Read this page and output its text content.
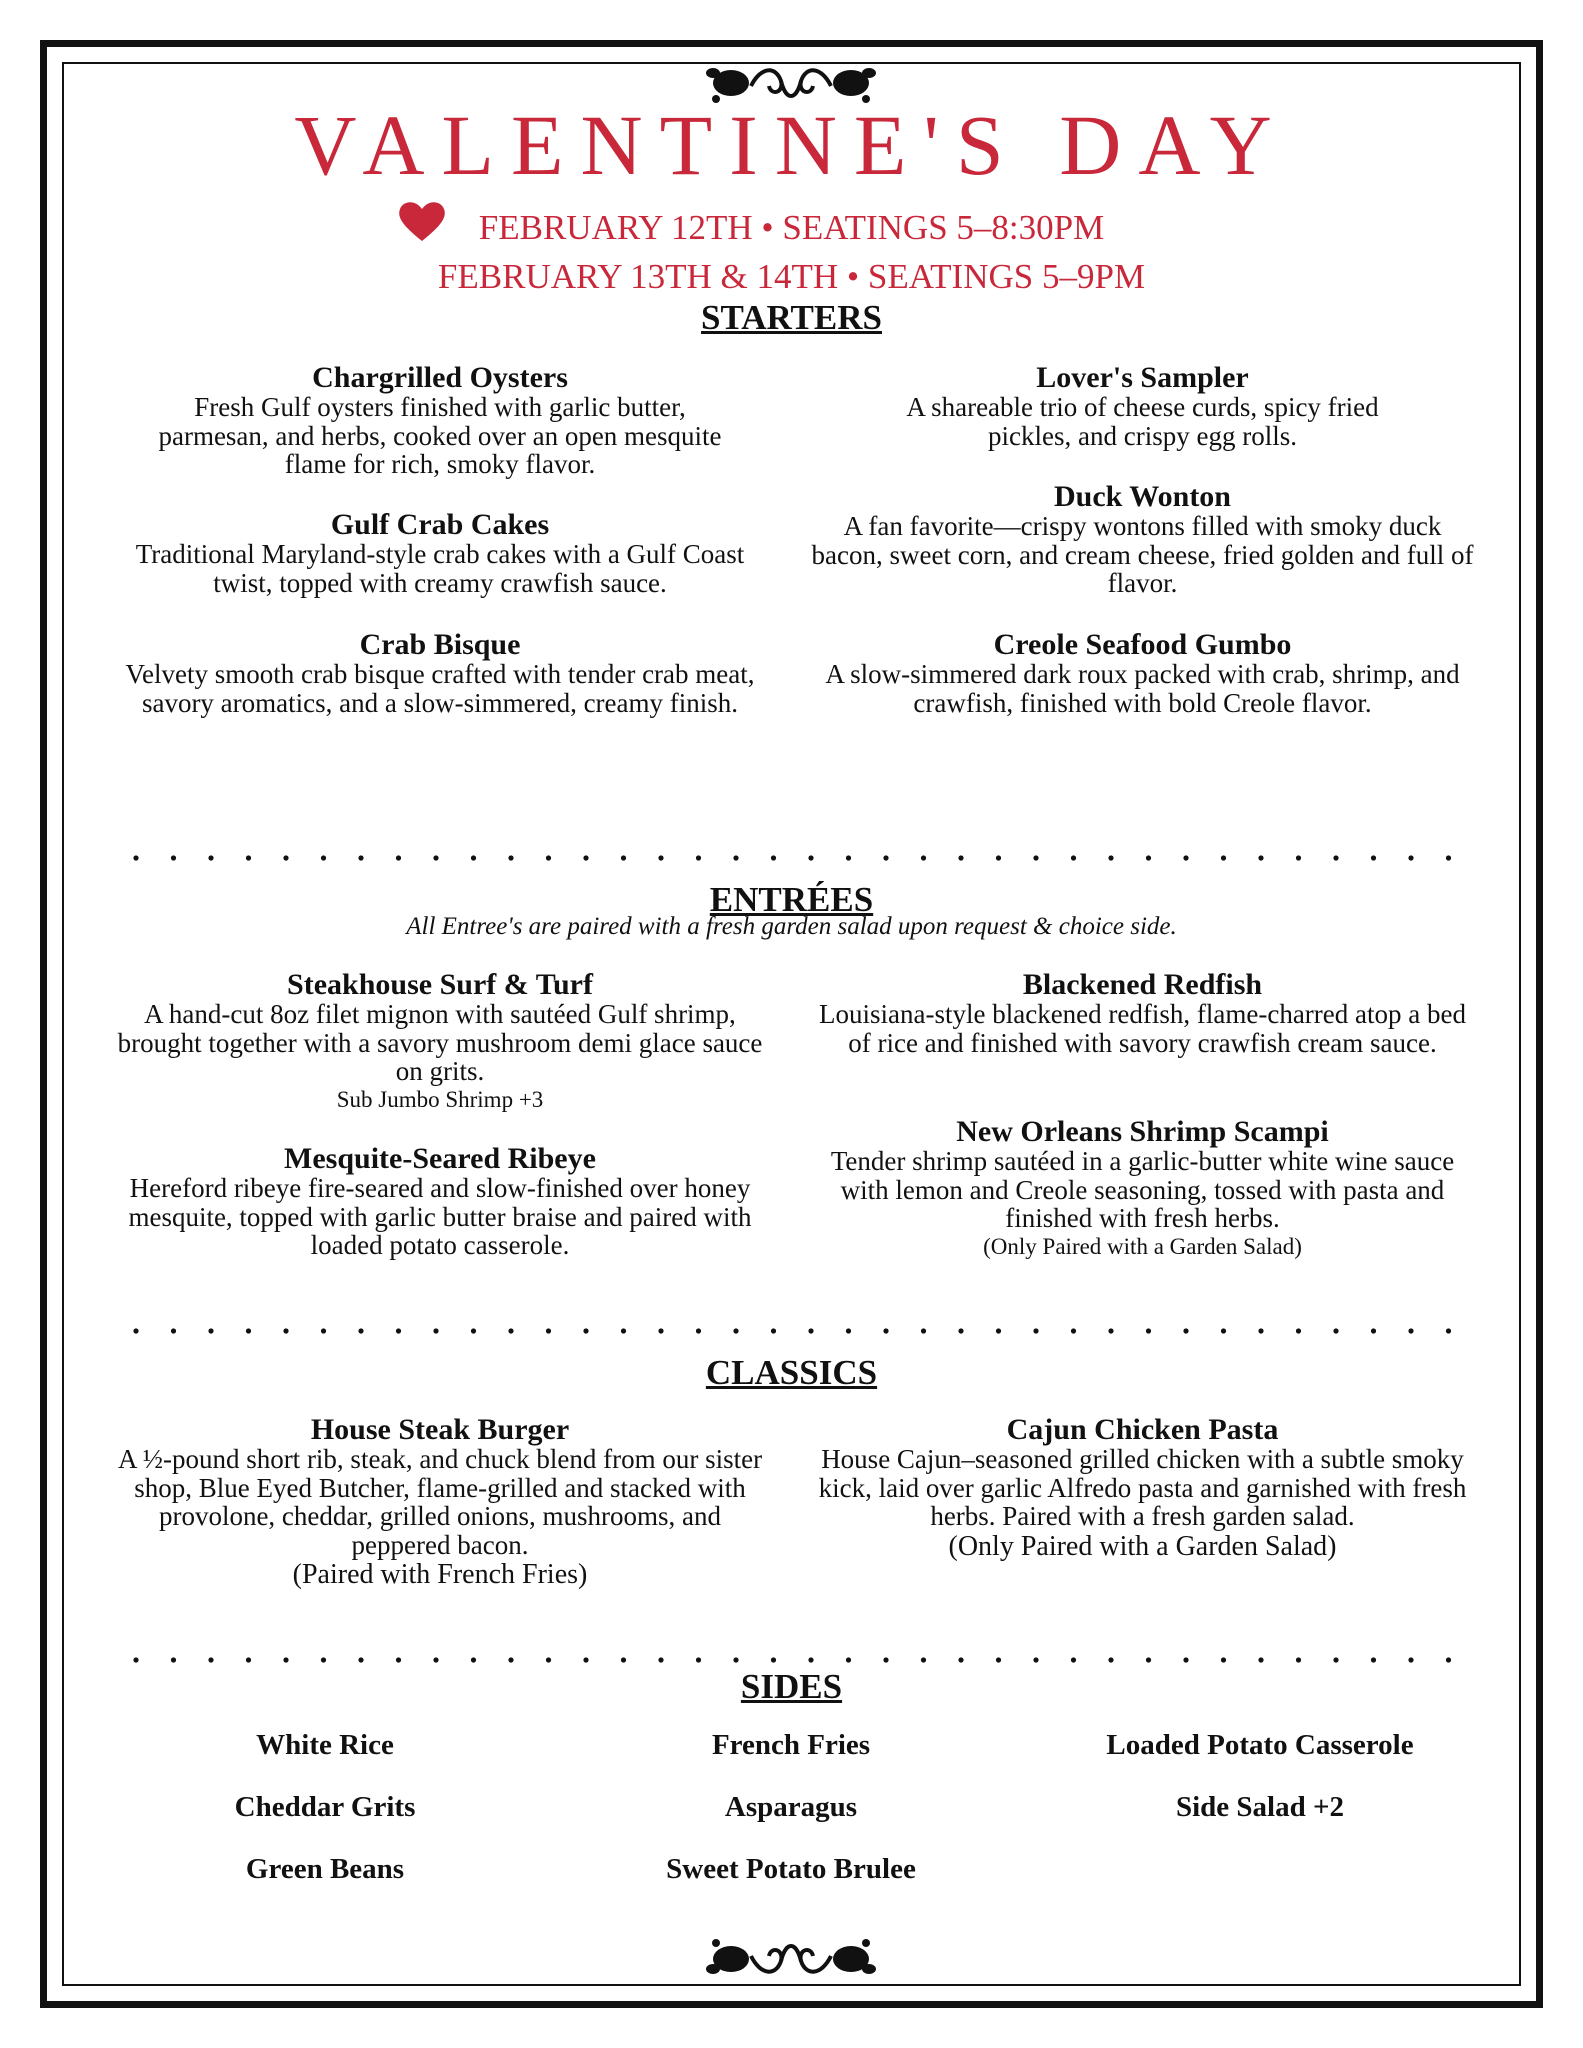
VALENTINE'S DAY
FEBRUARY 12TH • SEATINGS 5–8:30PM
FEBRUARY 13TH & 14TH • SEATINGS 5–9PM
STARTERS
Chargrilled Oysters
Fresh Gulf oysters finished with garlic butter, parmesan, and herbs, cooked over an open mesquite flame for rich, smoky flavor.
Gulf Crab Cakes
Traditional Maryland-style crab cakes with a Gulf Coast twist, topped with creamy crawfish sauce.
Crab Bisque
Velvety smooth crab bisque crafted with tender crab meat, savory aromatics, and a slow-simmered, creamy finish.
Lover's Sampler
A shareable trio of cheese curds, spicy fried pickles, and crispy egg rolls.
Duck Wonton
A fan favorite—crispy wontons filled with smoky duck bacon, sweet corn, and cream cheese, fried golden and full of flavor.
Creole Seafood Gumbo
A slow-simmered dark roux packed with crab, shrimp, and crawfish, finished with bold Creole flavor.
ENTRÉES
All Entree's are paired with a fresh garden salad upon request & choice side.
Steakhouse Surf & Turf
A hand-cut 8oz filet mignon with sautéed Gulf shrimp, brought together with a savory mushroom demi glace sauce on grits.
Sub Jumbo Shrimp +3
Mesquite-Seared Ribeye
Hereford ribeye fire-seared and slow-finished over honey mesquite, topped with garlic butter braise and paired with loaded potato casserole.
Blackened Redfish
Louisiana-style blackened redfish, flame-charred atop a bed of rice and finished with savory crawfish cream sauce.
New Orleans Shrimp Scampi
Tender shrimp sautéed in a garlic-butter white wine sauce with lemon and Creole seasoning, tossed with pasta and finished with fresh herbs.
(Only Paired with a Garden Salad)
CLASSICS
House Steak Burger
A ½-pound short rib, steak, and chuck blend from our sister shop, Blue Eyed Butcher, flame-grilled and stacked with provolone, cheddar, grilled onions, mushrooms, and peppered bacon.
(Paired with French Fries)
Cajun Chicken Pasta
House Cajun–seasoned grilled chicken with a subtle smoky kick, laid over garlic Alfredo pasta and garnished with fresh herbs. Paired with a fresh garden salad.
(Only Paired with a Garden Salad)
SIDES
White Rice
Cheddar Grits
Green Beans
French Fries
Asparagus
Sweet Potato Brulee
Loaded Potato Casserole
Side Salad +2
